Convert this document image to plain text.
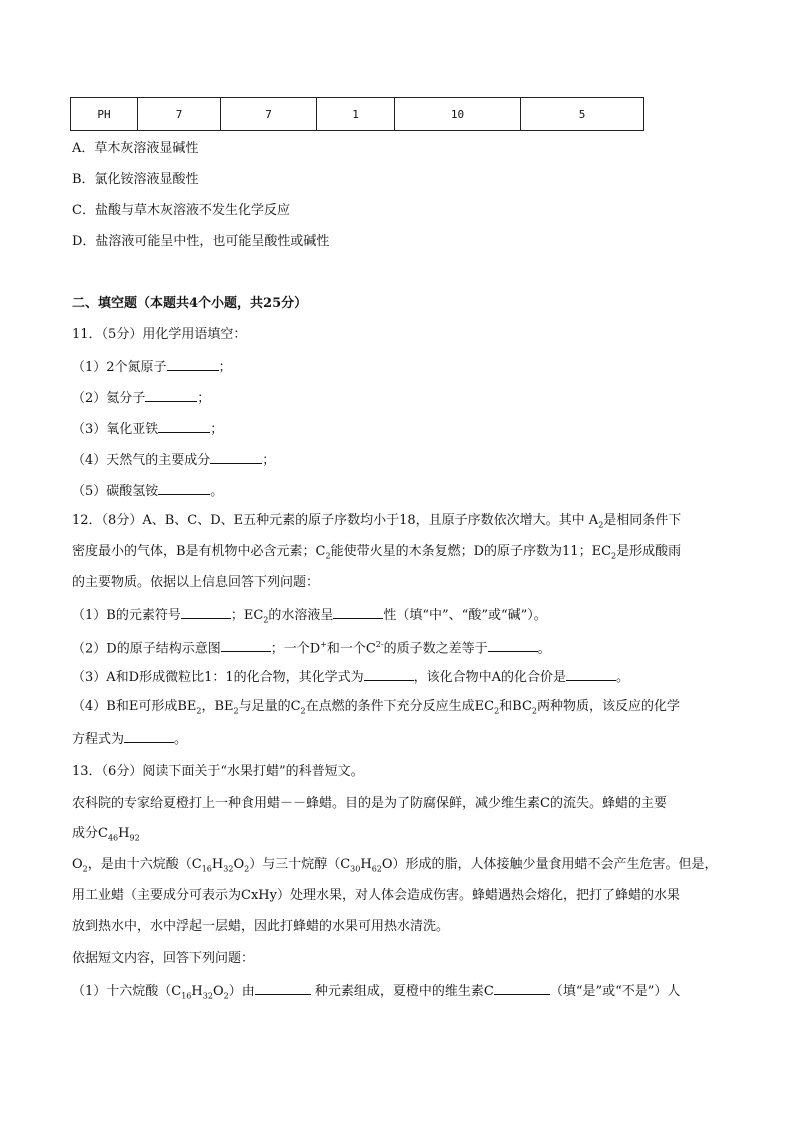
PH	7	7	1	10	5
A．草木灰溶液显碱性
B．氯化铵溶液显酸性
C．盐酸与草木灰溶液不发生化学反应
D．盐溶液可能呈中性，也可能呈酸性或碱性
二、填空题（本题共4个小题，共25分）
11．（5分）用化学用语填空：
（1）2个氮原子	；
（2）氦分子	；
（3）氧化亚铁	；
（4）天然气的主要成分	；
（5）碳酸氢铵	。
12．（8分）A、B、C、D、E五种元素的原子序数均小于18，且原子序数依次增大。其中 $A_2$是相同条件下
密度最小的气体，B是有机物中必含元素；$C_2$能使带火星的木条复燃；D的原子序数为11；$EC_2$是形成酸雨
的主要物质。依据以上信息回答下列问题：
（1）B的元素符号	；$EC_2$的水溶液呈	性（填“中”、“酸”或“碱”）。
（2）D的原子结构示意图	；一个D+和一个$C^{2-}$的质子数之差等于	。
（3）A和D形成微粒比1：1的化合物，其化学式为	，该化合物中A的化合价是	。
（4）B和E可形成$BE_2$，$BE_2$与足量的$C_2$在点燃的条件下充分反应生成$EC_2$和$BC_2$两种物质，该反应的化学
方程式为	。
13．（6分）阅读下面关于“水果打蜡”的科普短文。
农科院的专家给夏橙打上一种食用蜡－－蜂蜡。目的是为了防腐保鲜，减少维生素C的流失。蜂蜡的主要
成分$C_{46}H_{92}$
$O_2$，是由十六烷酸$(C_{16}H_{32}O_2)$与三十烷醇$(C_{30}H_{62}O)$形成的脂，人体接触少量食用蜡不会产生危害。但是，
用工业蜡（主要成分可表示为CxHy）处理水果，对人体会造成伤害。蜂蜡遇热会熔化，把打了蜂蜡的水果
放到热水中，水中浮起一层蜡，因此打蜂蜡的水果可用热水清洗。
依据短文内容，回答下列问题：
（1）十六烷酸$(C_{16}H_{32}O_2)$由	种元素组成，夏橙中的维生素C	（填“是”或“不是”）人
